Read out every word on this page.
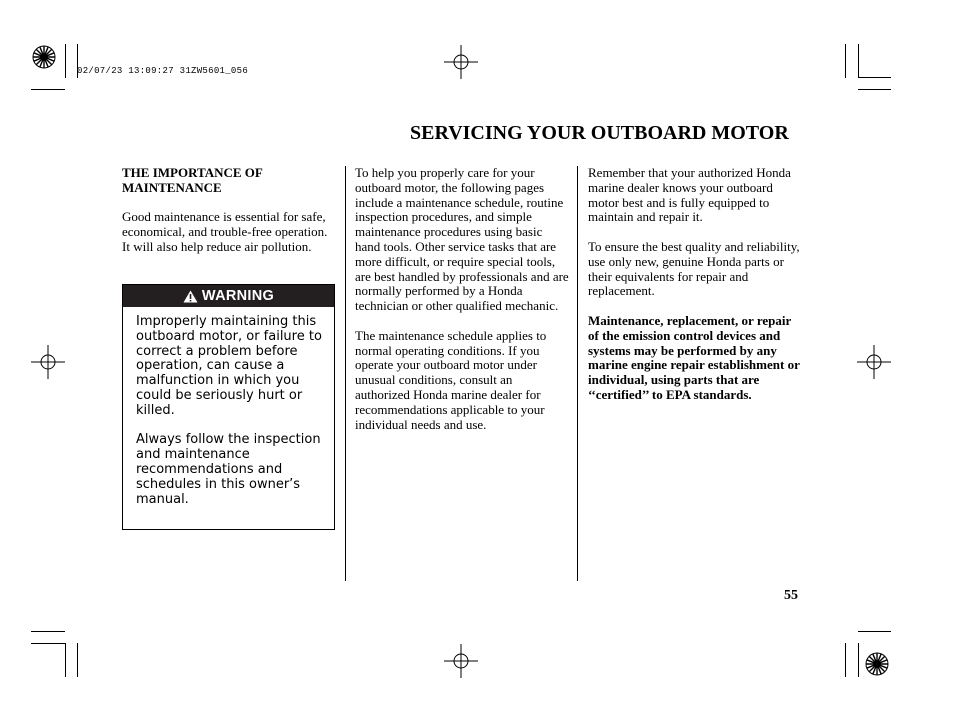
02/07/23 13:09:27 31ZW5601_056
SERVICING YOUR OUTBOARD MOTOR

THE IMPORTANCE OF MAINTENANCE

Good maintenance is essential for safe, economical, and trouble-free operation. It will also help reduce air pollution.

WARNING

Improperly maintaining this outboard motor, or failure to correct a problem before operation, can cause a malfunction in which you could be seriously hurt or killed.

Always follow the inspection and maintenance recommendations and schedules in this owner’s manual.

To help you properly care for your outboard motor, the following pages include a maintenance schedule, routine inspection procedures, and simple maintenance procedures using basic hand tools. Other service tasks that are more difficult, or require special tools, are best handled by professionals and are normally performed by a Honda technician or other qualified mechanic.

The maintenance schedule applies to normal operating conditions. If you operate your outboard motor under unusual conditions, consult an authorized Honda marine dealer for recommendations applicable to your individual needs and use.

Remember that your authorized Honda marine dealer knows your outboard motor best and is fully equipped to maintain and repair it.

To ensure the best quality and reliability, use only new, genuine Honda parts or their equivalents for repair and replacement.

Maintenance, replacement, or repair of the emission control devices and systems may be performed by any marine engine repair establishment or individual, using parts that are ‘‘certified’’ to EPA standards.

55
